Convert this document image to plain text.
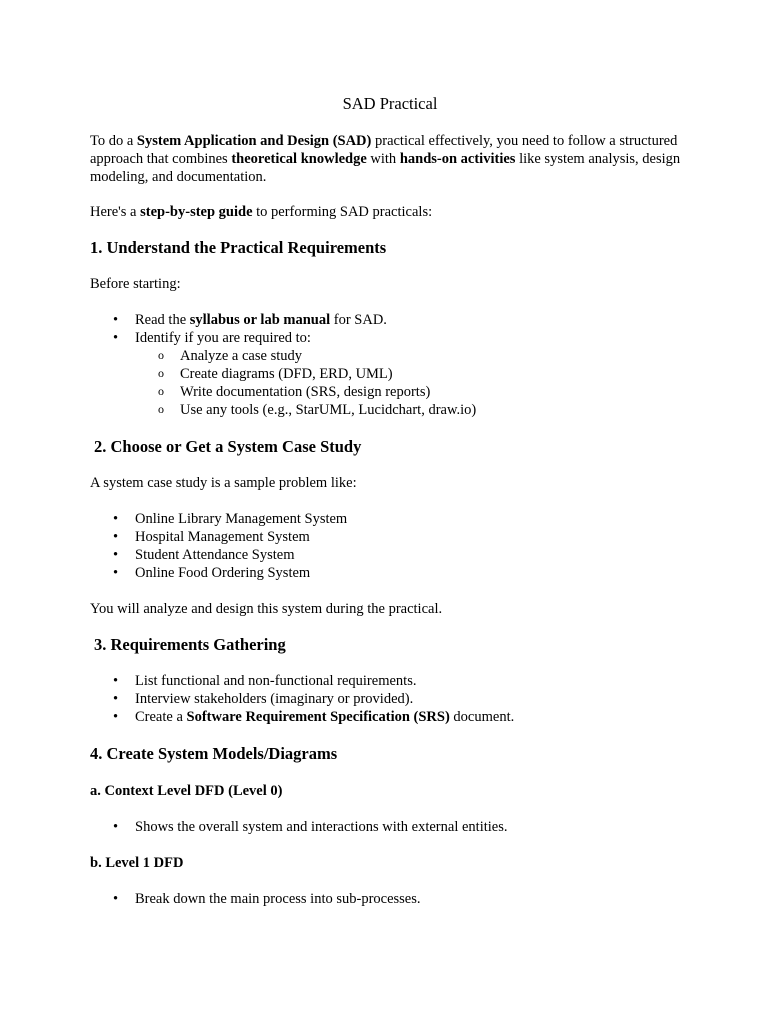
SAD Practical

To do a System Application and Design (SAD) practical effectively, you need to follow a structured approach that combines theoretical knowledge with hands-on activities like system analysis, design modeling, and documentation.

Here's a step-by-step guide to performing SAD practicals:

1. Understand the Practical Requirements

Before starting:

• Read the syllabus or lab manual for SAD.
• Identify if you are required to:
o Analyze a case study
o Create diagrams (DFD, ERD, UML)
o Write documentation (SRS, design reports)
o Use any tools (e.g., StarUML, Lucidchart, draw.io)
2. Choose or Get a System Case Study

A system case study is a sample problem like:

• Online Library Management System
• Hospital Management System
• Student Attendance System
• Online Food Ordering System

You will analyze and design this system during the practical.

3. Requirements Gathering
• List functional and non-functional requirements.
• Interview stakeholders (imaginary or provided).
• Create a Software Requirement Specification (SRS) document.
4. Create System Models/Diagrams
a. Context Level DFD (Level 0)
• Shows the overall system and interactions with external entities.
b. Level 1 DFD
• Break down the main process into sub-processes.
